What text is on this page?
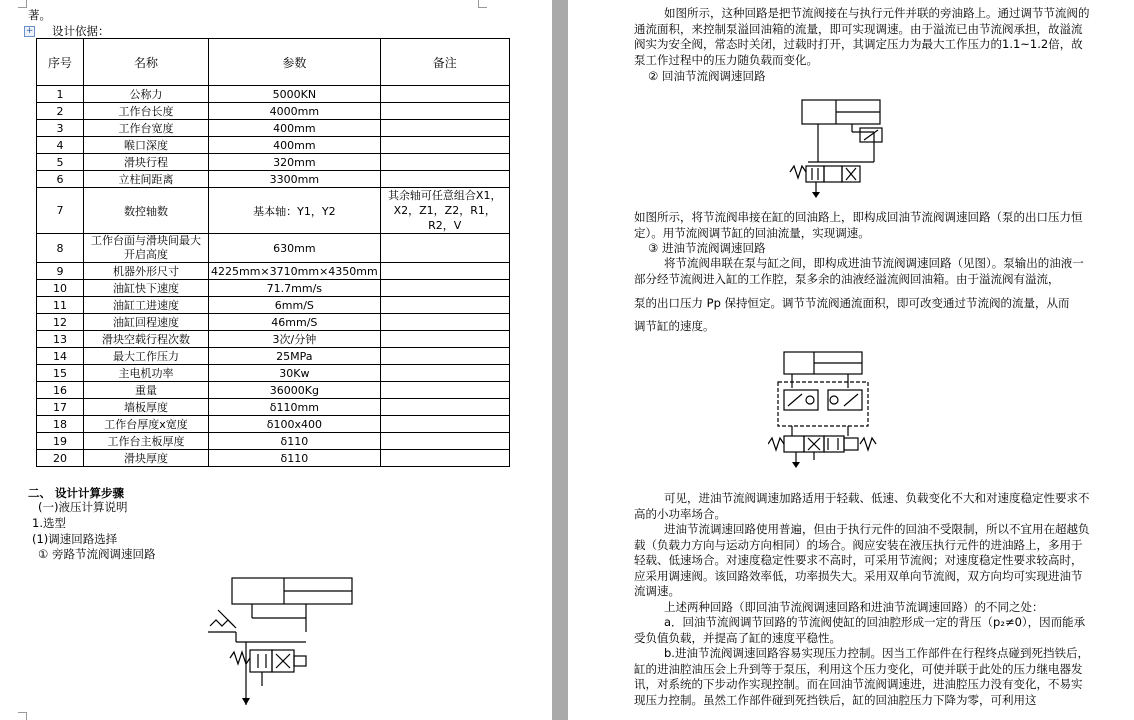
著。
+ 设计依据：
序号	名称	参数	备注
1	公称力	5000KN	
2	工作台长度	4000mm	
3	工作台宽度	400mm	
4	喉口深度	400mm	
5	滑块行程	320mm	
6	立柱间距离	3300mm	
7	数控轴数	基本轴：Y1，Y2	其余轴可任意组合X1，X2，Z1，Z2，R1，R2，V
8	工作台面与滑块间最大开启高度	630mm	
9	机器外形尺寸	4225mm×3710mm×4350mm	
10	油缸快下速度	71.7mm/s	
11	油缸工进速度	6mm/S	
12	油缸回程速度	46mm/S	
13	滑块空载行程次数	3次/分钟	
14	最大工作压力	25MPa	
15	主电机功率	30Kw	
16	重量	36000Kg	
17	墙板厚度	δ110mm	
18	工作台厚度x宽度	δ100x400	
19	工作台主板厚度	δ110	
20	滑块厚度	δ110	
二、 设计计算步骤
(一)液压计算说明
1.选型
(1)调速回路选择
① 旁路节流阀调速回路
如图所示，这种回路是把节流阀接在与执行元件并联的旁油路上。通过调节节流阀的通流面积，来控制泵溢回油箱的流量，即可实现调速。由于溢流已由节流阀承担，故溢流阀实为安全阀，常态时关闭，过载时打开，其调定压力为最大工作压力的1.1~1.2倍，故泵工作过程中的压力随负载而变化。
② 回油节流阀调速回路
如图所示，将节流阀串接在缸的回油路上，即构成回油节流阀调速回路（泵的出口压力恒定）。用节流阀调节缸的回油流量，实现调速。
③ 进油节流阀调速回路
将节流阀串联在泵与缸之间，即构成进油节流阀调速回路（见图）。泵输出的油液一部分经节流阀进入缸的工作腔，泵多余的油液经溢流阀回油箱。由于溢流阀有溢流，
泵的出口压力 Pp 保持恒定。调节节流阀通流面积，即可改变通过节流阀的流量，从而
调节缸的速度。
可见，进油节流阀调速加路适用于轻载、低速、负载变化不大和对速度稳定性要求不高的小功率场合。
进油节流调速回路使用普遍，但由于执行元件的回油不受限制，所以不宜用在超越负载（负载力方向与运动方向相同）的场合。阀应安装在液压执行元件的进油路上，多用于轻载、低速场合。对速度稳定性要求不高时，可采用节流阀；对速度稳定性要求较高时，应采用调速阀。该回路效率低，功率损失大。采用双单向节流阀，双方向均可实现进油节流调速。
上述两种回路（即回油节流阀调速回路和进油节流调速回路）的不同之处：
a．回油节流阀调节回路的节流阀使缸的回油腔形成一定的背压（p₂≠0），因而能承受负值负载，并提高了缸的速度平稳性。
b.进油节流阀调速回路容易实现压力控制。因当工作部件在行程终点碰到死挡铁后，缸的进油腔油压会上升到等于泵压，利用这个压力变化，可使并联于此处的压力继电器发讯，对系统的下步动作实现控制。而在回油节流阀调速进，进油腔压力没有变化，不易实现压力控制。虽然工作部件碰到死挡铁后，缸的回油腔压力下降为零，可利用这
